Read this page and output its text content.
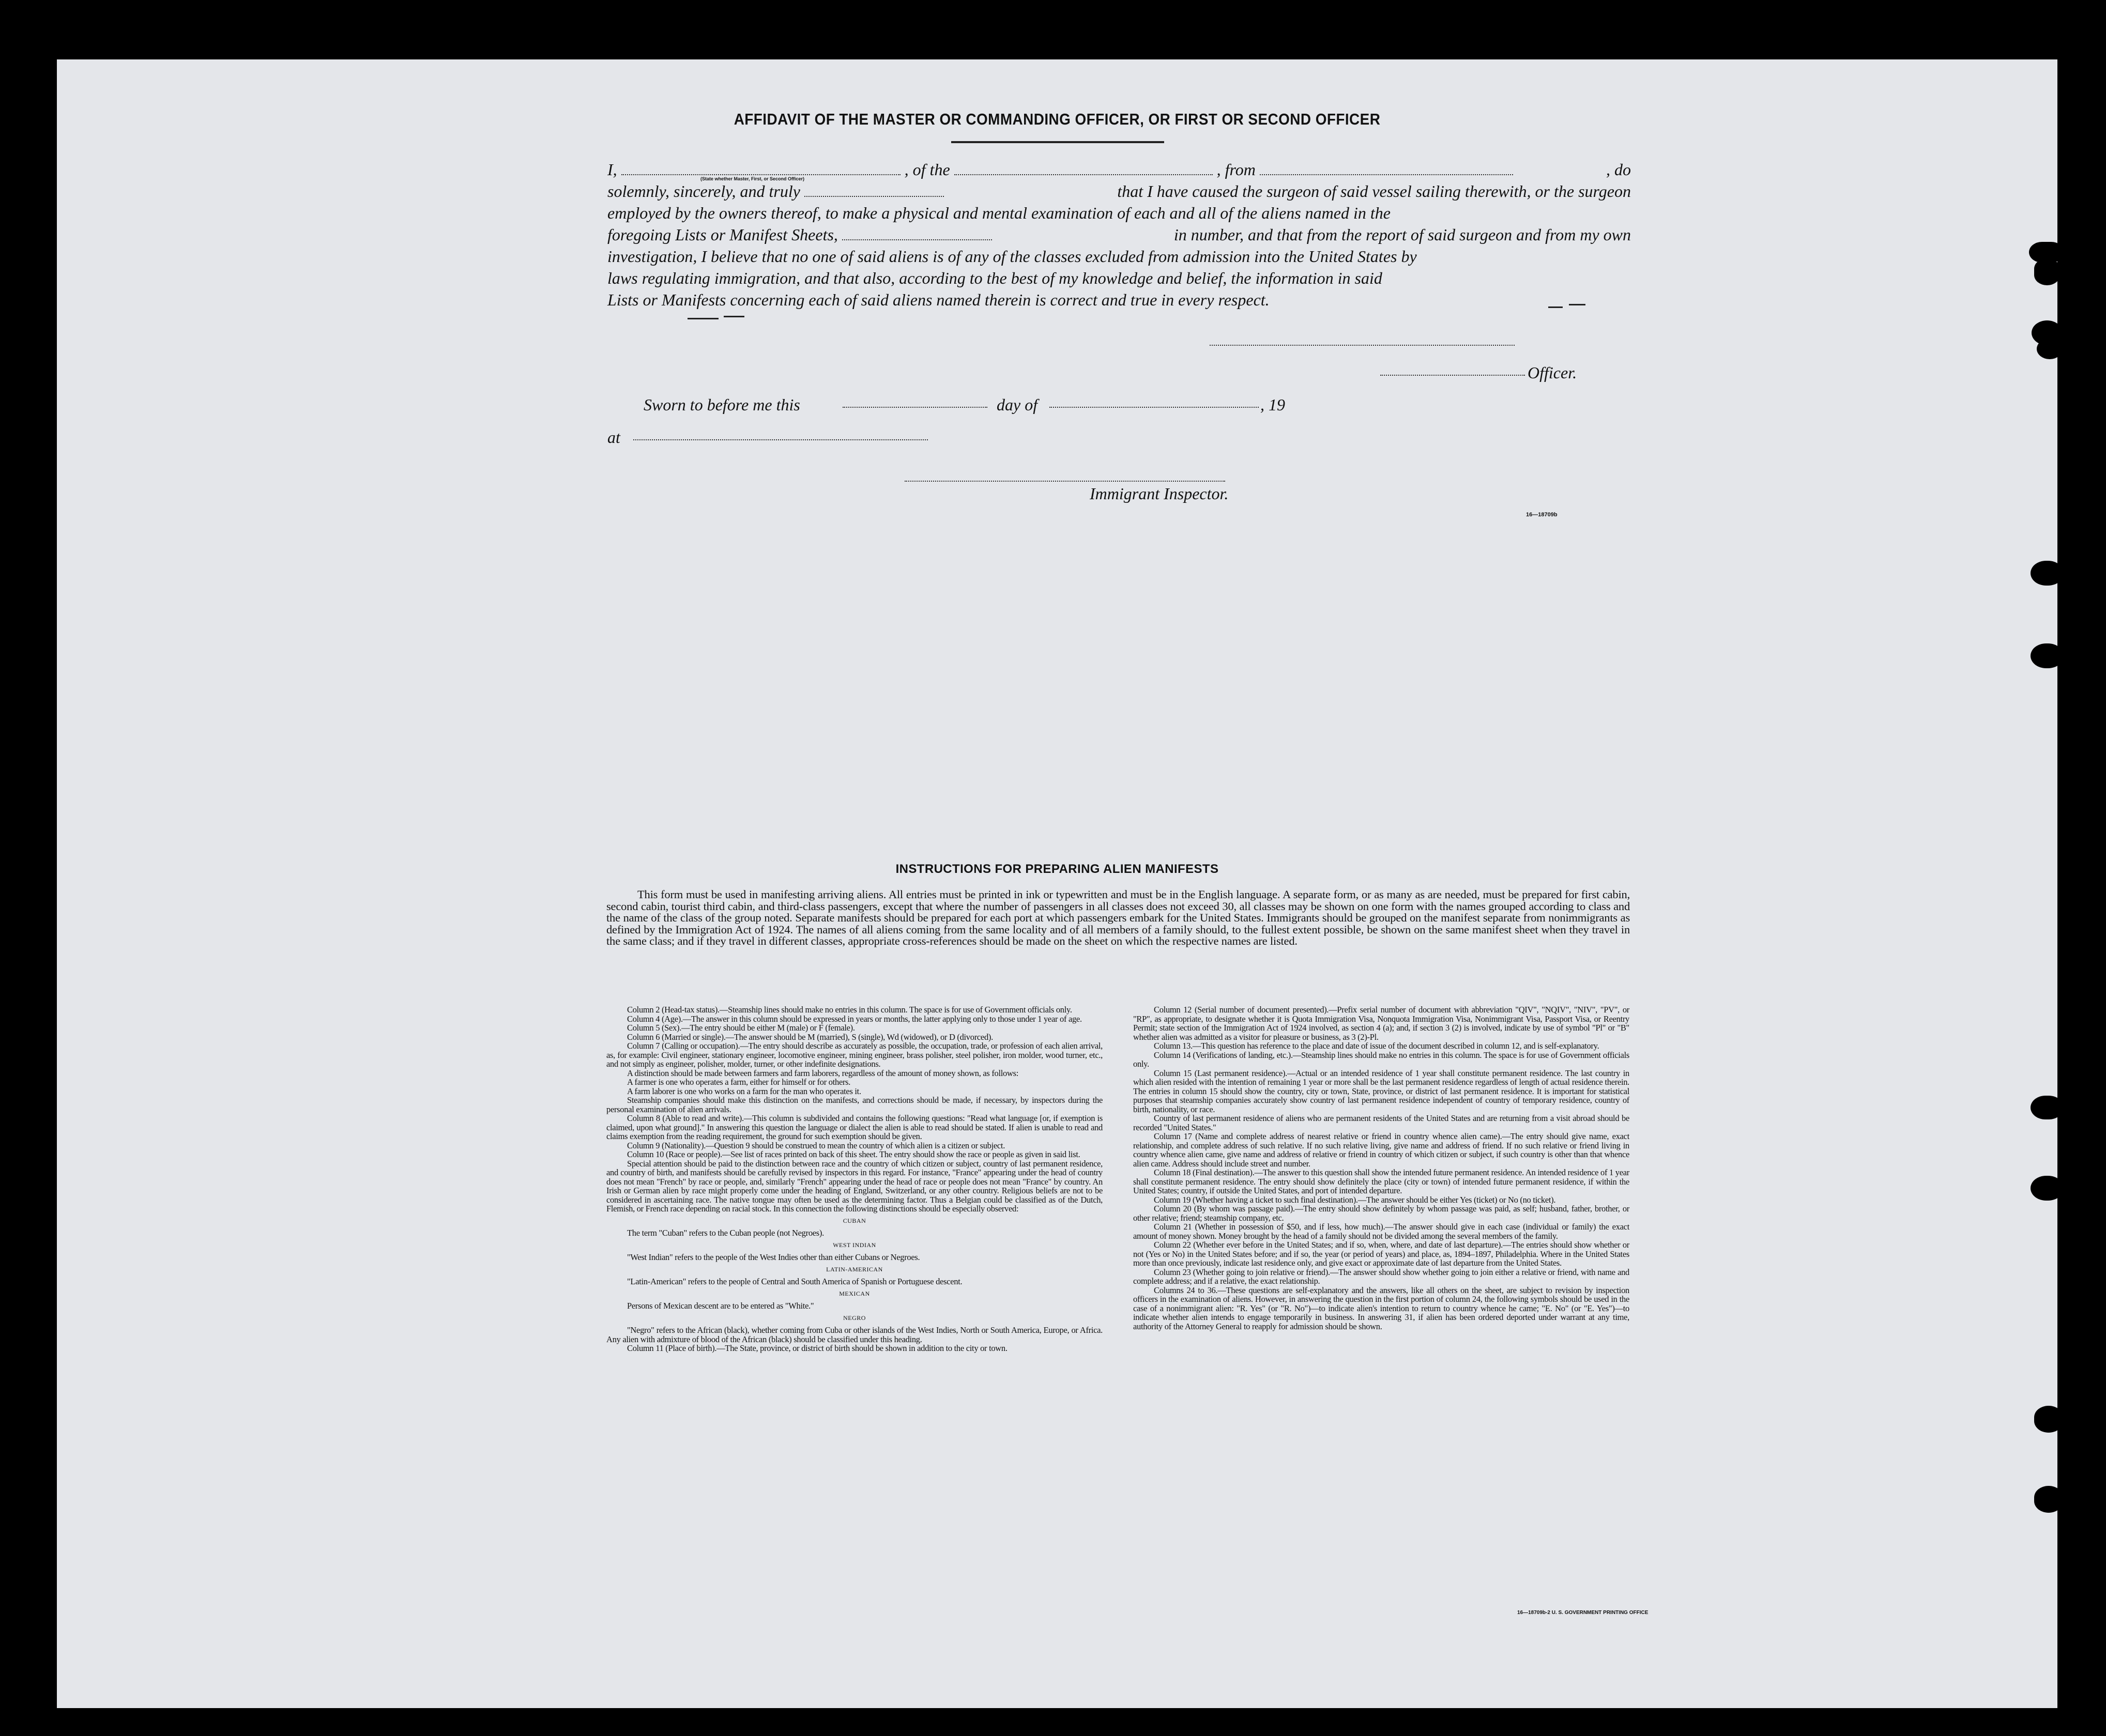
AFFIDAVIT OF THE MASTER OR COMMANDING OFFICER, OR FIRST OR SECOND OFFICER
I,	, of the	, from	, do
solemnly, sincerely, and truly	that I have caused the surgeon of said vessel sailing therewith, or the surgeon
employed by the owners thereof, to make a physical and mental examination of each and all of the aliens named in the
foregoing Lists or Manifest Sheets,	in number, and that from the report of said surgeon and from my own
investigation, I believe that no one of said aliens is of any of the classes excluded from admission into the United States by
laws regulating immigration, and that also, according to the best of my knowledge and belief, the information in said
Lists or Manifests concerning each of said aliens named therein is correct and true in every respect.
(State whether Master, First, or Second Officer)
Officer.
Sworn to before me this	day of	, 19
at
Immigrant Inspector.
16—18709b
INSTRUCTIONS FOR PREPARING ALIEN MANIFESTS
This form must be used in manifesting arriving aliens. All entries must be printed in ink or typewritten and must be in the English language. A separate form, or as many as are needed, must be prepared for first cabin, second cabin, tourist third cabin, and third-class passengers, except that where the number of passengers in all classes does not exceed 30, all classes may be shown on one form with the names grouped according to class and the name of the class of the group noted. Separate manifests should be prepared for each port at which passengers embark for the United States. Immigrants should be grouped on the manifest separate from nonimmigrants as defined by the Immigration Act of 1924. The names of all aliens coming from the same locality and of all members of a family should, to the fullest extent possible, be shown on the same manifest sheet when they travel in the same class; and if they travel in different classes, appropriate cross-references should be made on the sheet on which the respective names are listed.

Column 2 (Head-tax status).—Steamship lines should make no entries in this column. The space is for use of Government officials only.

Column 4 (Age).—The answer in this column should be expressed in years or months, the latter applying only to those under 1 year of age.

Column 5 (Sex).—The entry should be either M (male) or F (female).

Column 6 (Married or single).—The answer should be M (married), S (single), Wd (widowed), or D (divorced).

Column 7 (Calling or occupation).—The entry should describe as accurately as possible, the occupation, trade, or profession of each alien arrival, as, for example: Civil engineer, stationary engineer, locomotive engineer, mining engineer, brass polisher, steel polisher, iron molder, wood turner, etc., and not simply as engineer, polisher, molder, turner, or other indefinite designations.

A distinction should be made between farmers and farm laborers, regardless of the amount of money shown, as follows:

A farmer is one who operates a farm, either for himself or for others.

A farm laborer is one who works on a farm for the man who operates it.

Steamship companies should make this distinction on the manifests, and corrections should be made, if necessary, by inspectors during the personal examination of alien arrivals.

Column 8 (Able to read and write).—This column is subdivided and contains the following questions: "Read what language [or, if exemption is claimed, upon what ground]." In answering this question the language or dialect the alien is able to read should be stated. If alien is unable to read and claims exemption from the reading requirement, the ground for such exemption should be given.

Column 9 (Nationality).—Question 9 should be construed to mean the country of which alien is a citizen or subject.

Column 10 (Race or people).—See list of races printed on back of this sheet. The entry should show the race or people as given in said list.

Special attention should be paid to the distinction between race and the country of which citizen or subject, country of last permanent residence, and country of birth, and manifests should be carefully revised by inspectors in this regard. For instance, "France" appearing under the head of country does not mean "French" by race or people, and, similarly "French" appearing under the head of race or people does not mean "France" by country. An Irish or German alien by race might properly come under the heading of England, Switzerland, or any other country. Religious beliefs are not to be considered in ascertaining race. The native tongue may often be used as the determining factor. Thus a Belgian could be classified as of the Dutch, Flemish, or French race depending on racial stock. In this connection the following distinctions should be especially observed:

CUBAN

The term "Cuban" refers to the Cuban people (not Negroes).

WEST INDIAN

"West Indian" refers to the people of the West Indies other than either Cubans or Negroes.

LATIN-AMERICAN

"Latin-American" refers to the people of Central and South America of Spanish or Portuguese descent.

MEXICAN

Persons of Mexican descent are to be entered as "White."

NEGRO

"Negro" refers to the African (black), whether coming from Cuba or other islands of the West Indies, North or South America, Europe, or Africa. Any alien with admixture of blood of the African (black) should be classified under this heading.

Column 11 (Place of birth).—The State, province, or district of birth should be shown in addition to the city or town.

Column 12 (Serial number of document presented).—Prefix serial number of document with abbreviation "QIV", "NQIV", "NIV", "PV", or "RP", as appropriate, to designate whether it is Quota Immigration Visa, Nonquota Immigration Visa, Nonimmigrant Visa, Passport Visa, or Reentry Permit; state section of the Immigration Act of 1924 involved, as section 4 (a); and, if section 3 (2) is involved, indicate by use of symbol "Pl" or "B" whether alien was admitted as a visitor for pleasure or business, as 3 (2)-Pl.

Column 13.—This question has reference to the place and date of issue of the document described in column 12, and is self-explanatory.

Column 14 (Verifications of landing, etc.).—Steamship lines should make no entries in this column. The space is for use of Government officials only.

Column 15 (Last permanent residence).—Actual or an intended residence of 1 year shall constitute permanent residence. The last country in which alien resided with the intention of remaining 1 year or more shall be the last permanent residence regardless of length of actual residence therein. The entries in column 15 should show the country, city or town, State, province, or district of last permanent residence. It is important for statistical purposes that steamship companies accurately show country of last permanent residence independent of country of temporary residence, country of birth, nationality, or race.

Country of last permanent residence of aliens who are permanent residents of the United States and are returning from a visit abroad should be recorded "United States."

Column 17 (Name and complete address of nearest relative or friend in country whence alien came).—The entry should give name, exact relationship, and complete address of such relative. If no such relative living, give name and address of friend. If no such relative or friend living in country whence alien came, give name and address of relative or friend in country of which citizen or subject, if such country is other than that whence alien came. Address should include street and number.

Column 18 (Final destination).—The answer to this question shall show the intended future permanent residence. An intended residence of 1 year shall constitute permanent residence. The entry should show definitely the place (city or town) of intended future permanent residence, if within the United States; country, if outside the United States, and port of intended departure.

Column 19 (Whether having a ticket to such final destination).—The answer should be either Yes (ticket) or No (no ticket).

Column 20 (By whom was passage paid).—The entry should show definitely by whom passage was paid, as self; husband, father, brother, or other relative; friend; steamship company, etc.

Column 21 (Whether in possession of $50, and if less, how much).—The answer should give in each case (individual or family) the exact amount of money shown. Money brought by the head of a family should not be divided among the several members of the family.

Column 22 (Whether ever before in the United States; and if so, when, where, and date of last departure).—The entries should show whether or not (Yes or No) in the United States before; and if so, the year (or period of years) and place, as, 1894–1897, Philadelphia. Where in the United States more than once previously, indicate last residence only, and give exact or approximate date of last departure from the United States.

Column 23 (Whether going to join relative or friend).—The answer should show whether going to join either a relative or friend, with name and complete address; and if a relative, the exact relationship.

Columns 24 to 36.—These questions are self-explanatory and the answers, like all others on the sheet, are subject to revision by inspection officers in the examination of aliens. However, in answering the question in the first portion of column 24, the following symbols should be used in the case of a nonimmigrant alien: "R. Yes" (or "R. No")—to indicate alien's intention to return to country whence he came; "E. No" (or "E. Yes")—to indicate whether alien intends to engage temporarily in business. In answering 31, if alien has been ordered deported under warrant at any time, authority of the Attorney General to reapply for admission should be shown.

16—18709b-2 U. S. GOVERNMENT PRINTING OFFICE
